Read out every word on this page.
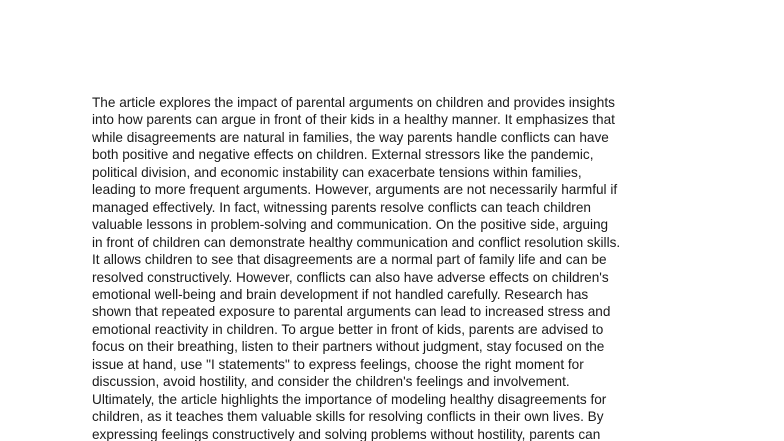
The article explores the impact of parental arguments on children and provides insights
into how parents can argue in front of their kids in a healthy manner. It emphasizes that
while disagreements are natural in families, the way parents handle conflicts can have
both positive and negative effects on children. External stressors like the pandemic,
political division, and economic instability can exacerbate tensions within families,
leading to more frequent arguments. However, arguments are not necessarily harmful if
managed effectively. In fact, witnessing parents resolve conflicts can teach children
valuable lessons in problem-solving and communication. On the positive side, arguing
in front of children can demonstrate healthy communication and conflict resolution skills.
It allows children to see that disagreements are a normal part of family life and can be
resolved constructively. However, conflicts can also have adverse effects on children's
emotional well-being and brain development if not handled carefully. Research has
shown that repeated exposure to parental arguments can lead to increased stress and
emotional reactivity in children. To argue better in front of kids, parents are advised to
focus on their breathing, listen to their partners without judgment, stay focused on the
issue at hand, use "I statements" to express feelings, choose the right moment for
discussion, avoid hostility, and consider the children's feelings and involvement.
Ultimately, the article highlights the importance of modeling healthy disagreements for
children, as it teaches them valuable skills for resolving conflicts in their own lives. By
expressing feelings constructively and solving problems without hostility, parents can
